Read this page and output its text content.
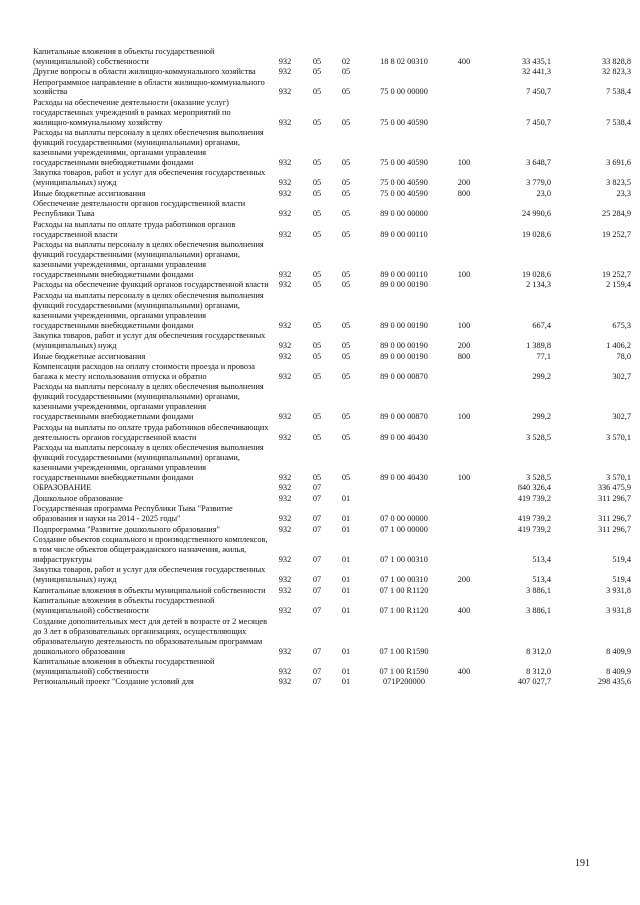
Капитальные вложения в объекты государственной (муниципальной) собственности	932	05	02	18 8 02 00310	400	33 435,1	33 828,8
Другие вопросы в области жилищно-коммунального хозяйства	932	05	05			32 441,3	32 823,3
Непрограммное направление в области жилищно-коммунального хозяйства	932	05	05	75 0 00 00000		7 450,7	7 538,4
Расходы на обеспечение деятельности (оказание услуг) государственных учреждений в рамках мероприятий по жилищно-коммунальному хозяйству	932	05	05	75 0 00 40590		7 450,7	7 538,4
Расходы на выплаты персоналу в целях обеспечения выполнения функций государственными (муниципальными) органами, казенными учреждениями, органами управления государственными внебюджетными фондами	932	05	05	75 0 00 40590	100	3 648,7	3 691,6
Закупка товаров, работ и услуг для обеспечения государственных (муниципальных) нужд	932	05	05	75 0 00 40590	200	3 779,0	3 823,5
Иные бюджетные ассигнования	932	05	05	75 0 00 40590	800	23,0	23,3
Обеспечение деятельности органов государственной власти Республики Тыва	932	05	05	89 0 00 00000		24 990,6	25 284,9
Расходы на выплаты по оплате труда работников органов государственной власти	932	05	05	89 0 00 00110		19 028,6	19 252,7
Расходы на выплаты персоналу в целях обеспечения выполнения функций государственными (муниципальными) органами, казенными учреждениями, органами управления государственными внебюджетными фондами	932	05	05	89 0 00 00110	100	19 028,6	19 252,7
Расходы на обеспечение функций органов государственной власти	932	05	05	89 0 00 00190		2 134,3	2 159,4
Расходы на выплаты персоналу в целях обеспечения выполнения функций государственными (муниципальными) органами, казенными учреждениями, органами управления государственными внебюджетными фондами	932	05	05	89 0 00 00190	100	667,4	675,3
Закупка товаров, работ и услуг для обеспечения государственных (муниципальных) нужд	932	05	05	89 0 00 00190	200	1 389,8	1 406,2
Иные бюджетные ассигнования	932	05	05	89 0 00 00190	800	77,1	78,0
Компенсация расходов на оплату стоимости проезда и провоза багажа к месту использования отпуска и обратно	932	05	05	89 0 00 00870		299,2	302,7
Расходы на выплаты персоналу в целях обеспечения выполнения функций государственными (муниципальными) органами, казенными учреждениями, органами управления государственными внебюджетными фондами	932	05	05	89 0 00 00870	100	299,2	302,7
Расходы на выплаты по оплате труда работников обеспечивающих деятельность органов государственной власти	932	05	05	89 0 00 40430		3 528,5	3 570,1
Расходы на выплаты персоналу в целях обеспечения выполнения функций государственными (муниципальными) органами, казенными учреждениями, органами управления государственными внебюджетными фондами	932	05	05	89 0 00 40430	100	3 528,5	3 570,1
ОБРАЗОВАНИЕ	932	07				840 326,4	336 475,9
Дошкольное образование	932	07	01			419 739,2	311 296,7
Государственная программа Республики Тыва "Развитие образования и науки на 2014 - 2025 годы"	932	07	01	07 0 00 00000		419 739,2	311 296,7
Подпрограмма "Развитие дошкольного образования"	932	07	01	07 1 00 00000		419 739,2	311 296,7
Создание объектов социального и производственного комплексов, в том числе объектов общегражданского назначения, жилья, инфраструктуры	932	07	01	07 1 00 00310		513,4	519,4
Закупка товаров, работ и услуг для обеспечения государственных (муниципальных) нужд	932	07	01	07 1 00 00310	200	513,4	519,4
Капитальные вложения в объекты муниципальной собственности	932	07	01	07 1 00 R1120		3 886,1	3 931,8
Капитальные вложения в объекты государственной (муниципальной) собственности	932	07	01	07 1 00 R1120	400	3 886,1	3 931,8
Создание дополнительных мест для детей в возрасте от 2 месяцев до 3 лет в образовательных организациях, осуществляющих образовательную деятельность по образовательным программам дошкольного образования	932	07	01	07 1 00 R1590		8 312,0	8 409,9
Капитальные вложения в объекты государственной (муниципальной) собственности	932	07	01	07 1 00 R1590	400	8 312,0	8 409,9
Региональный проект "Создание условий для	932	07	01	071P200000		407 027,7	298 435,6
191
